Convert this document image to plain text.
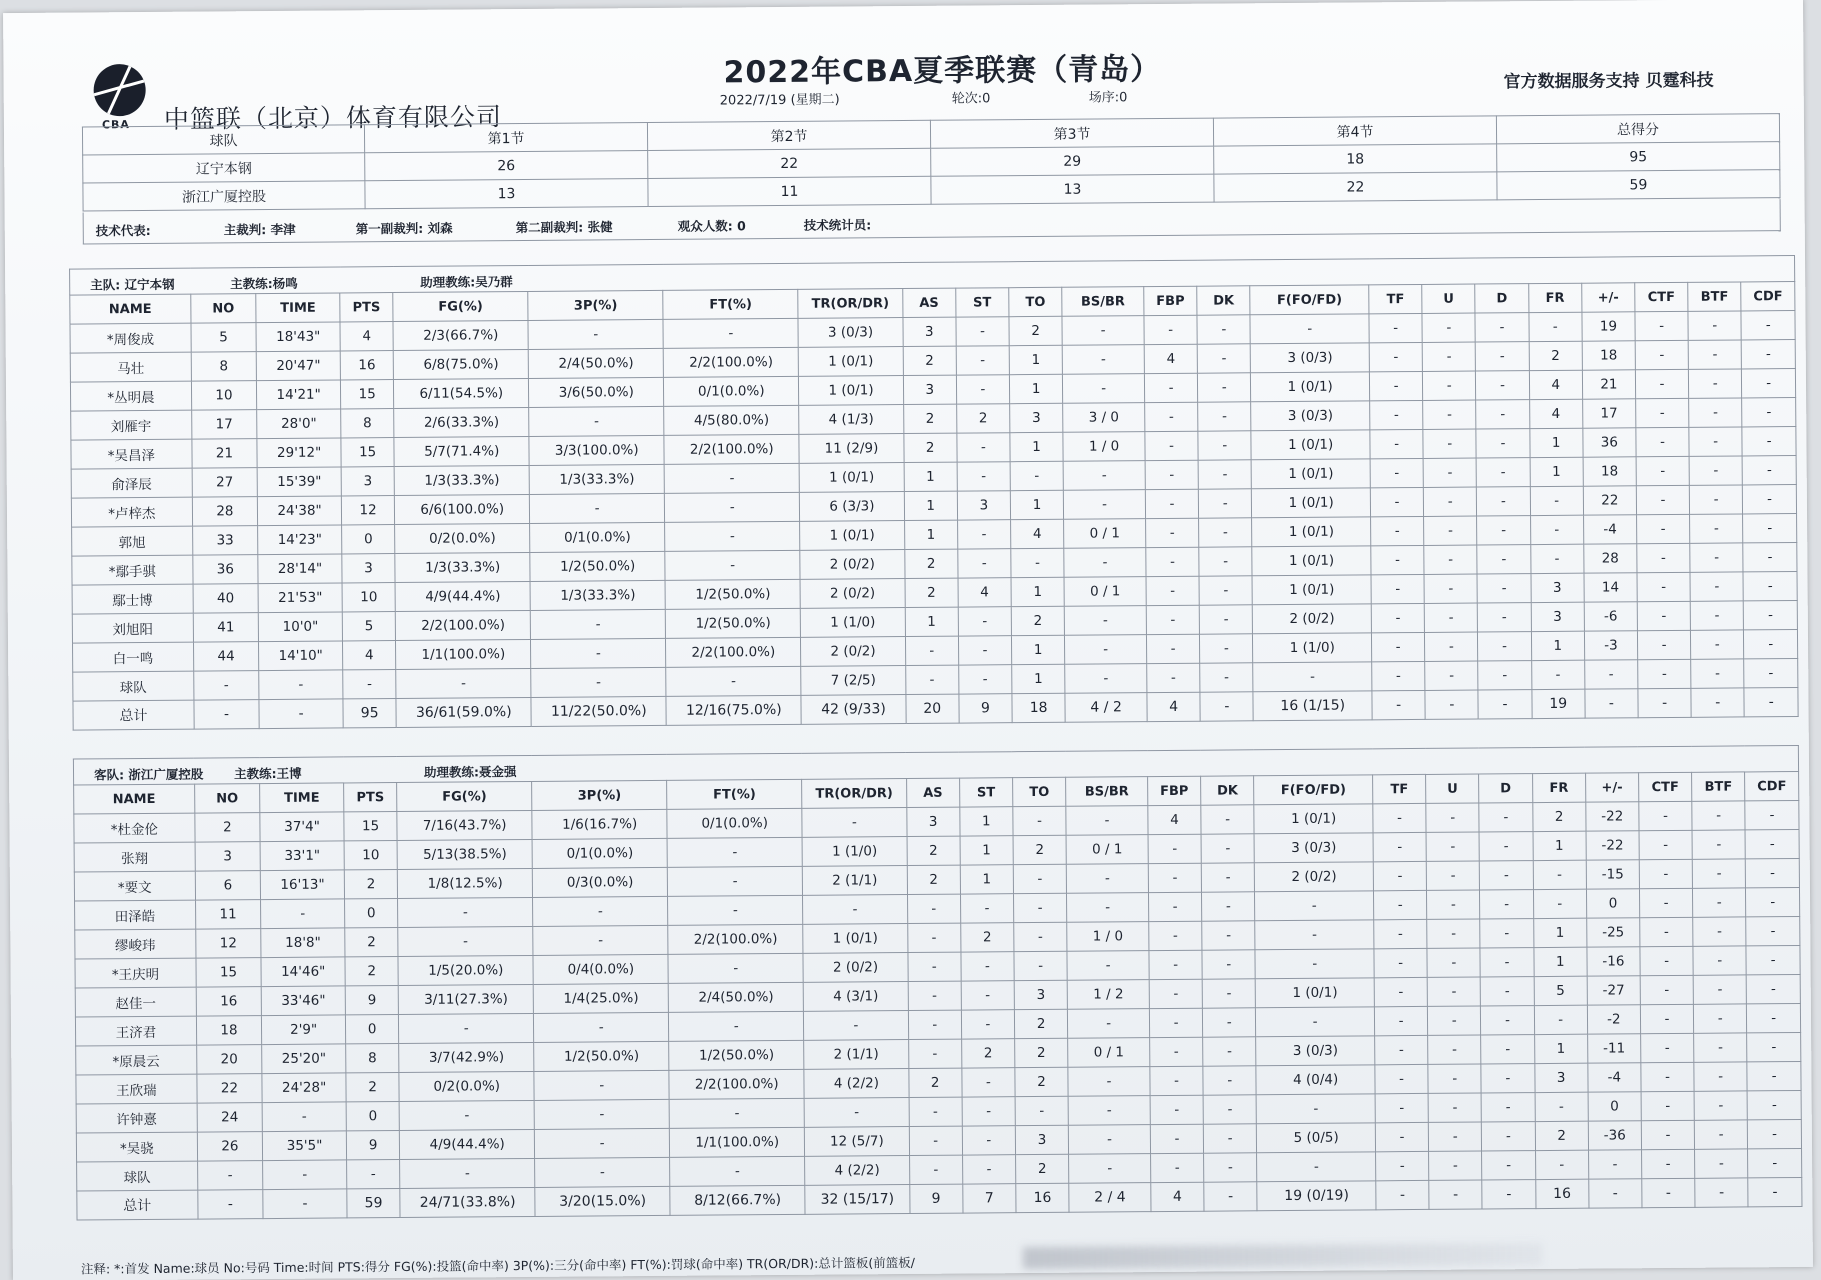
CBA	中篮联（北京）体育有限公司
2022年CBA夏季联赛（青岛）
2022/7/19 (星期二)	轮次:0	场序:0
官方数据服务支持 贝霆科技
球队	第1节	第2节	第3节	第4节	总得分
辽宁本钢	26	22	29	18	95
浙江广厦控股	13	11	13	22	59
技术代表:	主裁判: 李津	第一副裁判: 刘森	第二副裁判: 张健	观众人数: 0	技术统计员:
主队: 辽宁本钢 主教练:杨鸣 助理教练:吴乃群																						

NAME	NO	TIME	PTS	FG(%)	3P(%)	FT(%)	TR(OR/DR)	AS	ST	TO	BS/BR	FBP	DK	F(FO/FD)	TF	U	D	FR	+/-	CTF	BTF	CDF
*周俊成	5	18'43"	4	2/3(66.7%)	-	-	3 (0/3)	3	-	2	-	-	-	-	-	-	-	-	19	-	-	-
马壮	8	20'47"	16	6/8(75.0%)	2/4(50.0%)	2/2(100.0%)	1 (0/1)	2	-	1	-	4	-	3 (0/3)	-	-	-	2	18	-	-	-
*丛明晨	10	14'21"	15	6/11(54.5%)	3/6(50.0%)	0/1(0.0%)	1 (0/1)	3	-	1	-	-	-	1 (0/1)	-	-	-	4	21	-	-	-
刘雁宇	17	28'0"	8	2/6(33.3%)	-	4/5(80.0%)	4 (1/3)	2	2	3	3 / 0	-	-	3 (0/3)	-	-	-	4	17	-	-	-
*吴昌泽	21	29'12"	15	5/7(71.4%)	3/3(100.0%)	2/2(100.0%)	11 (2/9)	2	-	1	1 / 0	-	-	1 (0/1)	-	-	-	1	36	-	-	-
俞泽辰	27	15'39"	3	1/3(33.3%)	1/3(33.3%)	-	1 (0/1)	1	-	-	-	-	-	1 (0/1)	-	-	-	1	18	-	-	-
*卢梓杰	28	24'38"	12	6/6(100.0%)	-	-	6 (3/3)	1	3	1	-	-	-	1 (0/1)	-	-	-	-	22	-	-	-
郭旭	33	14'23"	0	0/2(0.0%)	0/1(0.0%)	-	1 (0/1)	1	-	4	0 / 1	-	-	1 (0/1)	-	-	-	-	-4	-	-	-
*鄢手骐	36	28'14"	3	1/3(33.3%)	1/2(50.0%)	-	2 (0/2)	2	-	-	-	-	-	1 (0/1)	-	-	-	-	28	-	-	-
鄢士博	40	21'53"	10	4/9(44.4%)	1/3(33.3%)	1/2(50.0%)	2 (0/2)	2	4	1	0 / 1	-	-	1 (0/1)	-	-	-	3	14	-	-	-
刘旭阳	41	10'0"	5	2/2(100.0%)	-	1/2(50.0%)	1 (1/0)	1	-	2	-	-	-	2 (0/2)	-	-	-	3	-6	-	-	-
白一鸣	44	14'10"	4	1/1(100.0%)	-	2/2(100.0%)	2 (0/2)	-	-	1	-	-	-	1 (1/0)	-	-	-	1	-3	-	-	-
球队	-	-	-	-	-	-	7 (2/5)	-	-	1	-	-	-	-	-	-	-	-	-	-	-	-
总计	-	-	95	36/61(59.0%)	11/22(50.0%)	12/16(75.0%)	42 (9/33)	20	9	18	4 / 2	4	-	16 (1/15)	-	-	-	19	-	-	-	-
客队: 浙江广厦控股 主教练:王博 助理教练:聂金强																						

NAME	NO	TIME	PTS	FG(%)	3P(%)	FT(%)	TR(OR/DR)	AS	ST	TO	BS/BR	FBP	DK	F(FO/FD)	TF	U	D	FR	+/-	CTF	BTF	CDF
*杜金伦	2	37'4"	15	7/16(43.7%)	1/6(16.7%)	0/1(0.0%)	-	3	1	-	-	4	-	1 (0/1)	-	-	-	2	-22	-	-	-
张翔	3	33'1"	10	5/13(38.5%)	0/1(0.0%)	-	1 (1/0)	2	1	2	0 / 1	-	-	3 (0/3)	-	-	-	1	-22	-	-	-
*要文	6	16'13"	2	1/8(12.5%)	0/3(0.0%)	-	2 (1/1)	2	1	-	-	-	-	2 (0/2)	-	-	-	-	-15	-	-	-
田泽皓	11	-	0	-	-	-	-	-	-	-	-	-	-	-	-	-	-	-	0	-	-	-
缪峻玮	12	18'8"	2	-	-	2/2(100.0%)	1 (0/1)	-	2	-	1 / 0	-	-	-	-	-	-	1	-25	-	-	-
*王庆明	15	14'46"	2	1/5(20.0%)	0/4(0.0%)	-	2 (0/2)	-	-	-	-	-	-	-	-	-	-	1	-16	-	-	-
赵佳一	16	33'46"	9	3/11(27.3%)	1/4(25.0%)	2/4(50.0%)	4 (3/1)	-	-	3	1 / 2	-	-	1 (0/1)	-	-	-	5	-27	-	-	-
王济君	18	2'9"	0	-	-	-	-	-	-	2	-	-	-	-	-	-	-	-	-2	-	-	-
*原晨云	20	25'20"	8	3/7(42.9%)	1/2(50.0%)	1/2(50.0%)	2 (1/1)	-	2	2	0 / 1	-	-	3 (0/3)	-	-	-	1	-11	-	-	-
王欣瑞	22	24'28"	2	0/2(0.0%)	-	2/2(100.0%)	4 (2/2)	2	-	2	-	-	-	4 (0/4)	-	-	-	3	-4	-	-	-
许钟憙	24	-	0	-	-	-	-	-	-	-	-	-	-	-	-	-	-	-	0	-	-	-
*吴骁	26	35'5"	9	4/9(44.4%)	-	1/1(100.0%)	12 (5/7)	-	-	3	-	-	-	5 (0/5)	-	-	-	2	-36	-	-	-
球队	-	-	-	-	-	-	4 (2/2)	-	-	2	-	-	-	-	-	-	-	-	-	-	-	-
总计	-	-	59	24/71(33.8%)	3/20(15.0%)	8/12(66.7%)	32 (15/17)	9	7	16	2 / 4	4	-	19 (0/19)	-	-	-	16	-	-	-	-
注释: *:首发 Name:球员 No:号码 Time:时间 PTS:得分 FG(%):投篮(命中率) 3P(%):三分(命中率) FT(%):罚球(命中率) TR(OR/DR):总计篮板(前篮板/
